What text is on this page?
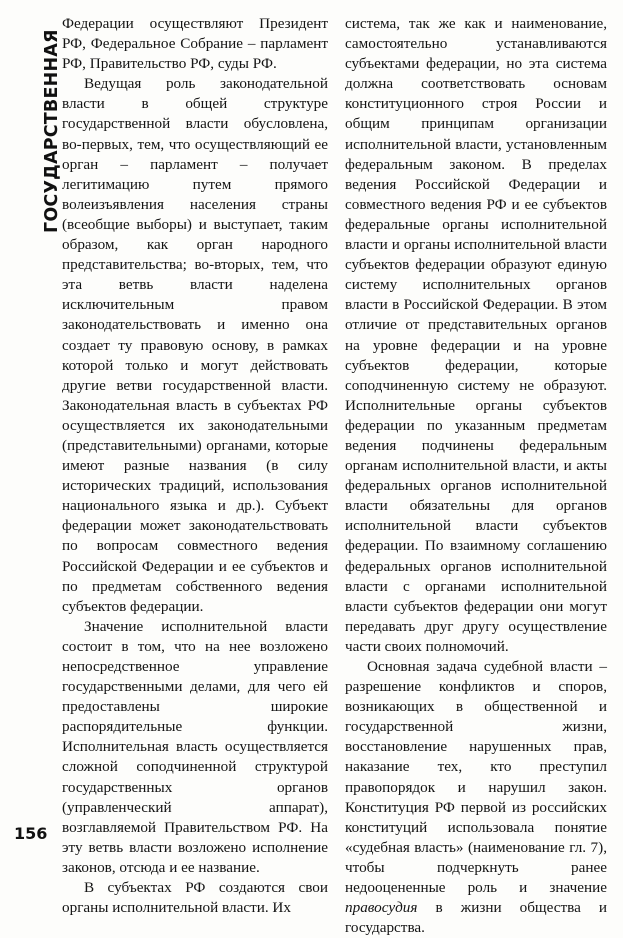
ГОСУДАРСТВЕННАЯ

Федерации осуществляют Президент РФ, Федеральное Собрание – парламент РФ, Правительство РФ, суды РФ.

Ведущая роль законодательной власти в общей структуре государственной власти обусловлена, во-первых, тем, что осуществляющий ее орган – парламент – получает легитимацию путем прямого волеизъявления населения страны (всеобщие выборы) и выступает, таким образом, как орган народного представительства; во-вторых, тем, что эта ветвь власти наделена исключительным правом законодательствовать и именно она создает ту правовую основу, в рамках которой только и могут действовать другие ветви государственной власти. Законодательная власть в субъектах РФ осуществляется их законодательными (представительными) органами, которые имеют разные названия (в силу исторических традиций, использования национального языка и др.). Субъект федерации может законодательствовать по вопросам совместного ведения Российской Федерации и ее субъектов и по предметам собственного ведения субъектов федерации.

Значение исполнительной власти состоит в том, что на нее возложено непосредственное управление государственными делами, для чего ей предоставлены широкие распорядительные функции. Исполнительная власть осуществляется сложной соподчиненной структурой государственных органов (управленческий аппарат), возглавляемой Правительством РФ. На эту ветвь власти возложено исполнение законов, отсюда и ее название.

В субъектах РФ создаются свои органы исполнительной власти. Их

система, так же как и наименование, самостоятельно устанавливаются субъектами федерации, но эта система должна соответствовать основам конституционного строя России и общим принципам организации исполнительной власти, установленным федеральным законом. В пределах ведения Российской Федерации и совместного ведения РФ и ее субъектов федеральные органы исполнительной власти и органы исполнительной власти субъектов федерации образуют единую систему исполнительных органов власти в Российской Федерации. В этом отличие от представительных органов на уровне федерации и на уровне субъектов федерации, которые соподчиненную систему не образуют. Исполнительные органы субъектов федерации по указанным предметам ведения подчинены федеральным органам исполнительной власти, и акты федеральных органов исполнительной власти обязательны для органов исполнительной власти субъектов федерации. По взаимному соглашению федеральных органов исполнительной власти с органами исполнительной власти субъектов федерации они могут передавать друг другу осуществление части своих полномочий.

Основная задача судебной власти – разрешение конфликтов и споров, возникающих в общественной и государственной жизни, восстановление нарушенных прав, наказание тех, кто преступил правопорядок и нарушил закон. Конституция РФ первой из российских конституций использовала понятие «судебная власть» (наименование гл. 7), чтобы подчеркнуть ранее недооцененные роль и значение правосудия в жизни общества и государства.

156
